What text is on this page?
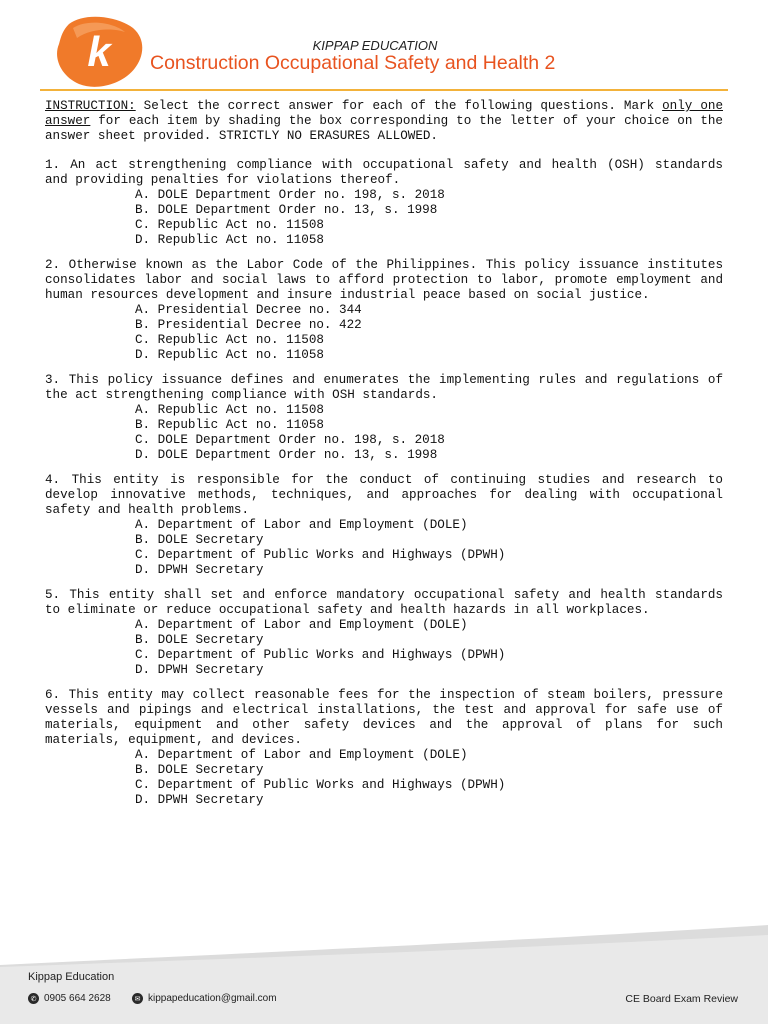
k	KIPPAP EDUCATION
Construction Occupational Safety and Health 2

INSTRUCTION: Select the correct answer for each of the following questions. Mark only one answer for each item by shading the box corresponding to the letter of your choice on the answer sheet provided. STRICTLY NO ERASURES ALLOWED.

1. An act strengthening compliance with occupational safety and health (OSH) standards and providing penalties for violations thereof.

A. DOLE Department Order no. 198, s. 2018
B. DOLE Department Order no. 13, s. 1998
C. Republic Act no. 11508
D. Republic Act no. 11058

2. Otherwise known as the Labor Code of the Philippines. This policy issuance institutes consolidates labor and social laws to afford protection to labor, promote employment and human resources development and insure industrial peace based on social justice.

A. Presidential Decree no. 344
B. Presidential Decree no. 422
C. Republic Act no. 11508
D. Republic Act no. 11058

3. This policy issuance defines and enumerates the implementing rules and regulations of the act strengthening compliance with OSH standards.

A. Republic Act no. 11508
B. Republic Act no. 11058
C. DOLE Department Order no. 198, s. 2018
D. DOLE Department Order no. 13, s. 1998

4. This entity is responsible for the conduct of continuing studies and research to develop innovative methods, techniques, and approaches for dealing with occupational safety and health problems.

A. Department of Labor and Employment (DOLE)
B. DOLE Secretary
C. Department of Public Works and Highways (DPWH)
D. DPWH Secretary

5. This entity shall set and enforce mandatory occupational safety and health standards to eliminate or reduce occupational safety and health hazards in all workplaces.

A. Department of Labor and Employment (DOLE)
B. DOLE Secretary
C. Department of Public Works and Highways (DPWH)
D. DPWH Secretary

6. This entity may collect reasonable fees for the inspection of steam boilers, pressure vessels and pipings and electrical installations, the test and approval for safe use of materials, equipment and other safety devices and the approval of plans for such materials, equipment, and devices.

A. Department of Labor and Employment (DOLE)
B. DOLE Secretary
C. Department of Public Works and Highways (DPWH)
D. DPWH Secretary
Kippap Education
✆ 0905 664 2628	✉ kippapeducation@gmail.com	CE Board Exam Review
